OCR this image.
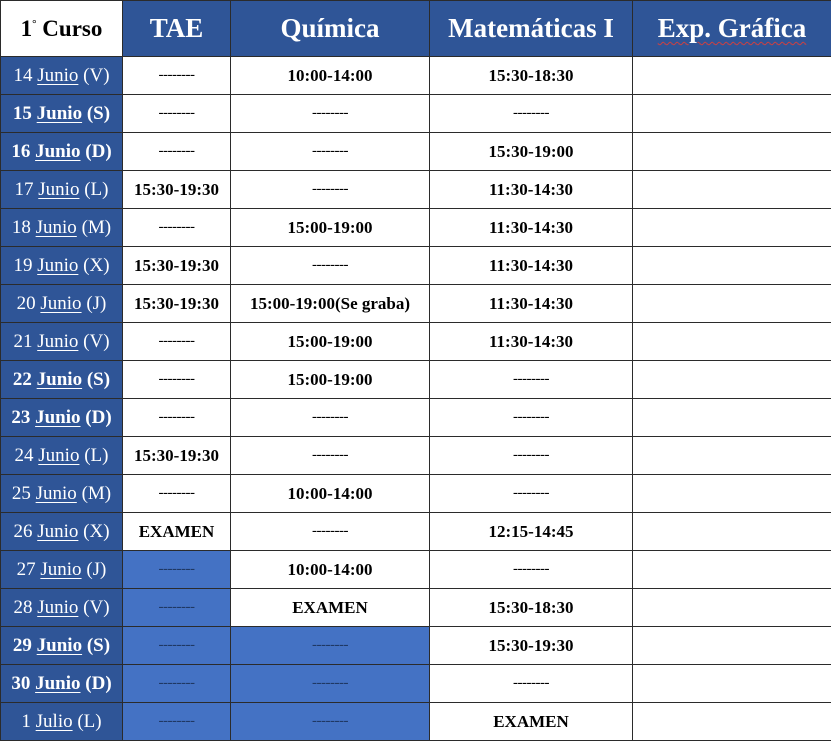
1° Curso	TAE	Química	Matemáticas I	Exp. Gráfica
14 Junio (V)	--------	10:00-14:00	15:30-18:30	
15 Junio (S)	--------	--------	--------	
16 Junio (D)	--------	--------	15:30-19:00	
17 Junio (L)	15:30-19:30	--------	11:30-14:30	
18 Junio (M)	--------	15:00-19:00	11:30-14:30	
19 Junio (X)	15:30-19:30	--------	11:30-14:30	
20 Junio (J)	15:30-19:30	15:00-19:00(Se graba)	11:30-14:30	
21 Junio (V)	--------	15:00-19:00	11:30-14:30	
22 Junio (S)	--------	15:00-19:00	--------	
23 Junio (D)	--------	--------	--------	
24 Junio (L)	15:30-19:30	--------	--------	
25 Junio (M)	--------	10:00-14:00	--------	
26 Junio (X)	EXAMEN	--------	12:15-14:45	
27 Junio (J)	--------	10:00-14:00	--------	
28 Junio (V)	--------	EXAMEN	15:30-18:30	
29 Junio (S)	--------	--------	15:30-19:30	
30 Junio (D)	--------	--------	--------	
1 Julio (L)	--------	--------	EXAMEN	
